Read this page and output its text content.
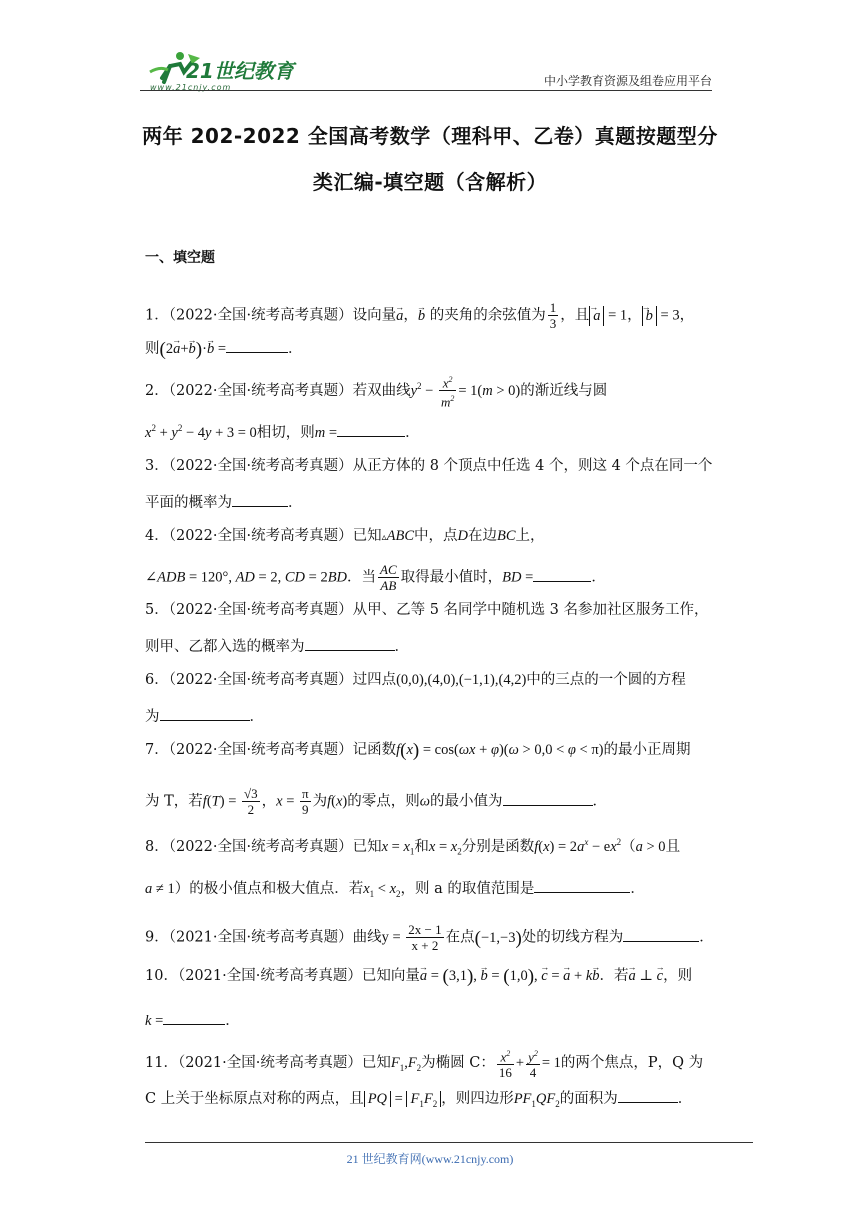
21世纪教育
www.21cnjy.com	中小学教育资源及组卷应用平台
两年 202-2022 全国高考数学（理科甲、乙卷）真题按题型分
类汇编-填空题（含解析）
一、填空题
1．（2022·全国·统考高考真题）设向量→ a，→ b 的夹角的余弦值为 $\frac{1}{3}$ ，且 → a = 1， → b = 3，
则(2→ a+→ b)·→ b =	．
2．（2022·全国·统考高考真题）若双曲线$y^2 - \frac{x^2}{m^2} = 1(m > 0)$的渐近线与圆
$x^2 + y^2 - 4y + 3 = 0$相切，则m =	．
3．（2022·全国·统考高考真题）从正方体的 8 个顶点中任选 4 个，则这 4 个点在同一个
平面的概率为	．
4．（2022·全国·统考高考真题）已知▵ABC中，点D在边BC上，
∠ADB = 120°, AD = 2, CD = 2BD．当 $\frac{AC}{AB}$ 取得最小值时，BD =	．
5．（2022·全国·统考高考真题）从甲、乙等 5 名同学中随机选 3 名参加社区服务工作，
则甲、乙都入选的概率为	．
6．（2022·全国·统考高考真题）过四点(0,0),(4,0),(−1,1),(4,2)中的三点的一个圆的方程
为	．
7．（2022·全国·统考高考真题）记函数f(x) = cos(ωx + φ)(ω > 0,0 < φ < π)的最小正周期
为 T，若$f(T) = \frac{√3}{2}$ ，$x = \frac{\pi}{9}$ 为f(x)的零点，则ω的最小值为	．
8．（2022·全国·统考高考真题）已知$x = x_1$和$x = x_2$分别是函数$f(x) = 2a^x - ex^2(a > 0$且
a ≠ 1）的极小值点和极大值点．若$x_1 < x_2$，则 a 的取值范围是	．
9．（2021·全国·统考高考真题）曲线$y = \frac{2x - 1}{x + 2}$ 在点(−1,−3)处的切线方程为	．
10．（2021·全国·统考高考真题）已知向量→ a = (3,1), → b = (1,0), → c = → a + k→ b．若→ a ⊥ → c，则
k =	．
11．（2021·全国·统考高考真题）已知$F_1,F_2$为椭圆 C： $\frac{x^2}{16} + \frac{y^2}{4} = 1$的两个焦点，P，Q 为
C 上关于坐标原点对称的两点，且 PQ = $F_1F_2$ ，则四边形$PF_1QF_2$的面积为	．
21 世纪教育网(www.21cnjy.com)
